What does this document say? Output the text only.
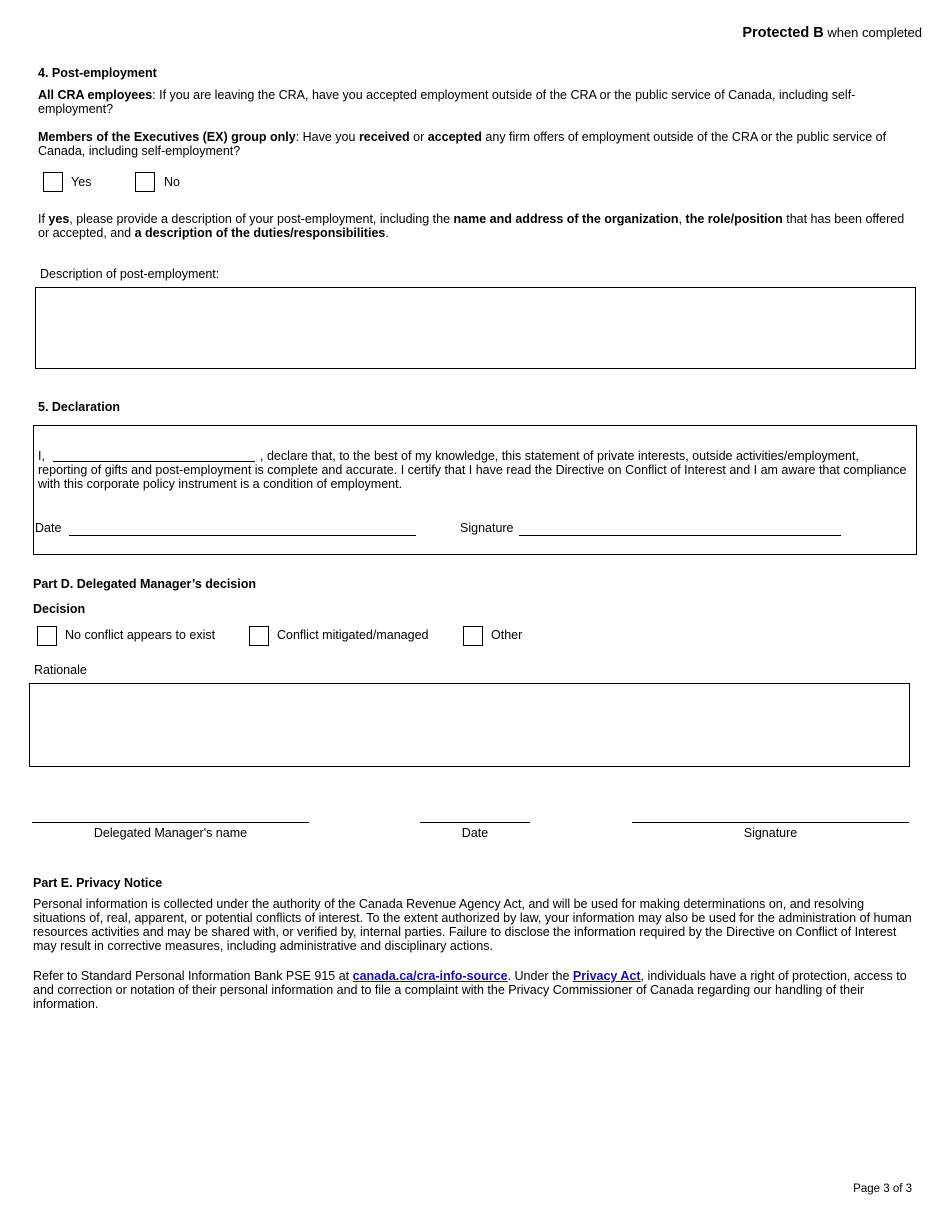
Protected B when completed
4. Post-employment
All CRA employees: If you are leaving the CRA, have you accepted employment outside of the CRA or the public service of Canada, including self-employment?
Members of the Executives (EX) group only: Have you received or accepted any firm offers of employment outside of the CRA or the public service of Canada, including self-employment?
Yes	No
If yes, please provide a description of your post-employment, including the name and address of the organization, the role/position that has been offered or accepted, and a description of the duties/responsibilities.
Description of post-employment:
5. Declaration
I,	, declare that, to the best of my knowledge, this statement of private interests, outside activities/employment, reporting of gifts and post-employment is complete and accurate. I certify that I have read the Directive on Conflict of Interest and I am aware that compliance with this corporate policy instrument is a condition of employment.
Date	Signature
Part D. Delegated Manager’s decision
Decision
No conflict appears to exist	Conflict mitigated/managed	Other
Rationale
Delegated Manager's name	Date	Signature
Part E. Privacy Notice
Personal information is collected under the authority of the Canada Revenue Agency Act, and will be used for making determinations on, and resolving situations of, real, apparent, or potential conflicts of interest. To the extent authorized by law, your information may also be used for the administration of human resources activities and may be shared with, or verified by, internal parties. Failure to disclose the information required by the Directive on Conflict of Interest may result in corrective measures, including administrative and disciplinary actions.
Refer to Standard Personal Information Bank PSE 915 at canada.ca/cra-info-source. Under the Privacy Act, individuals have a right of protection, access to and correction or notation of their personal information and to file a complaint with the Privacy Commissioner of Canada regarding our handling of their information.
Page 3 of 3
